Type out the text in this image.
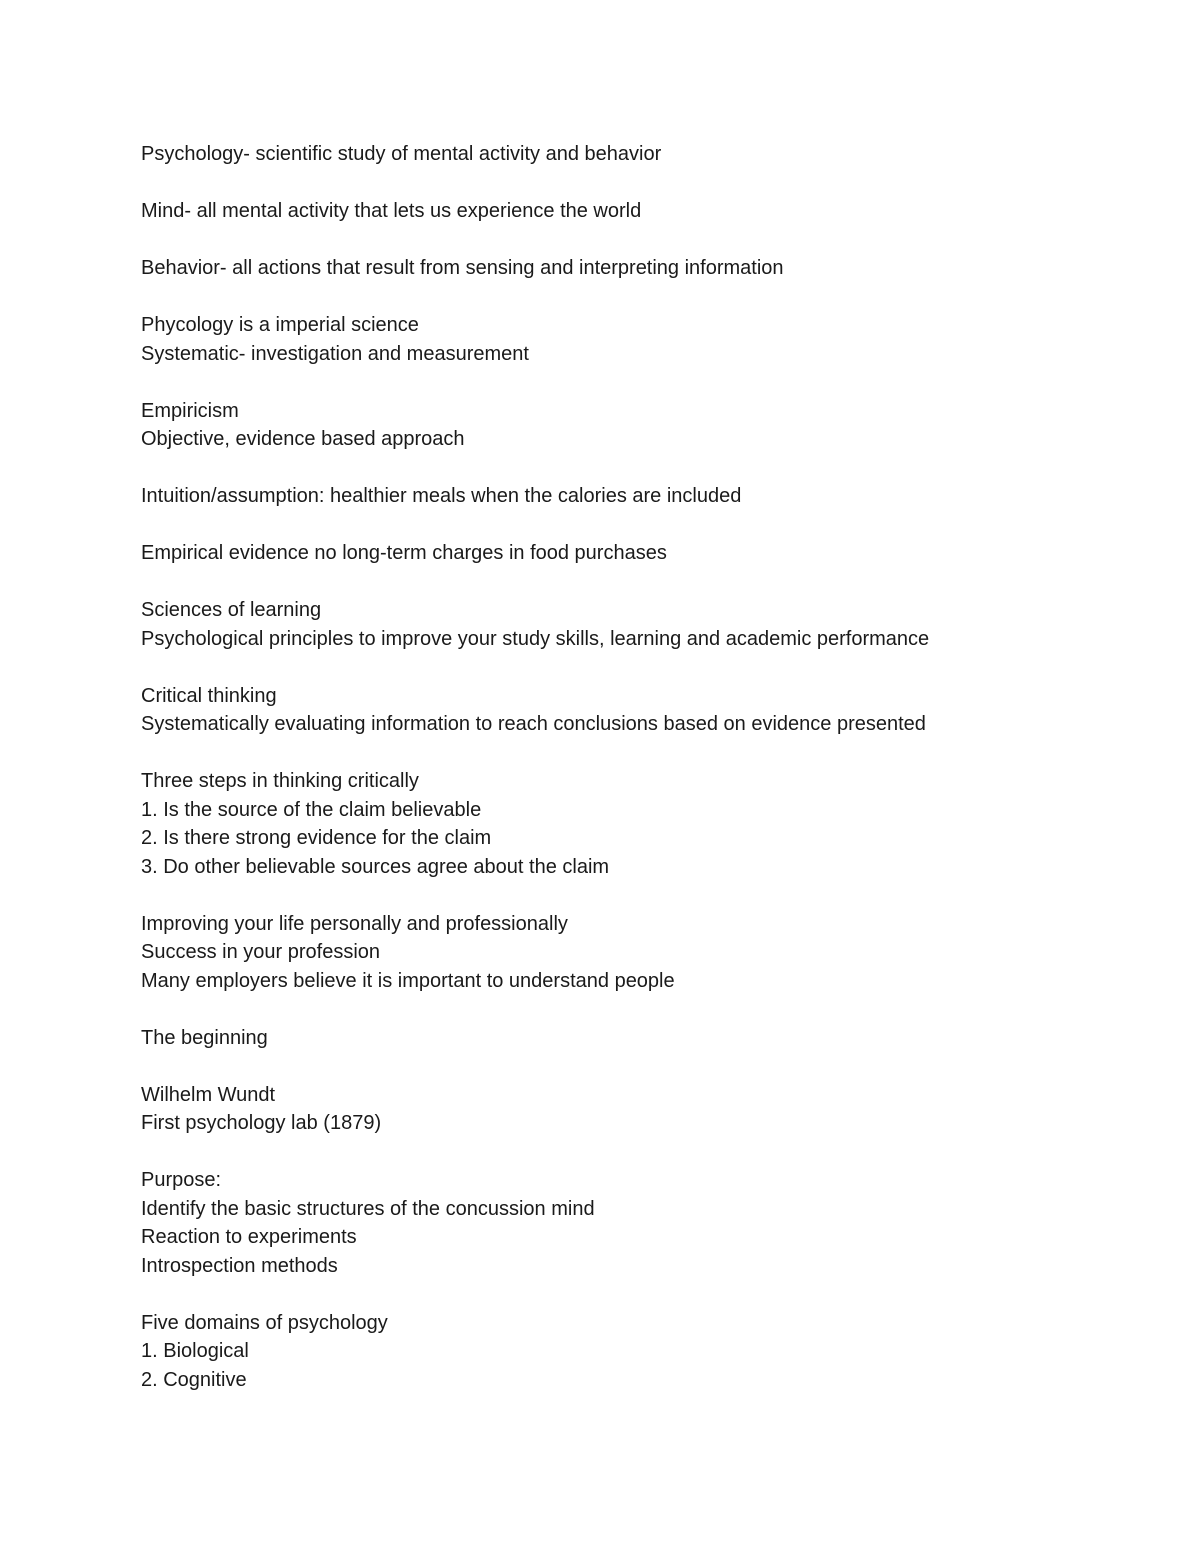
Psychology- scientific study of mental activity and behavior
Mind- all mental activity that lets us experience the world
Behavior- all actions that result from sensing and interpreting information
Phycology is a imperial science
Systematic- investigation and measurement
Empiricism
Objective, evidence based approach
Intuition/assumption: healthier meals when the calories are included
Empirical evidence no long-term charges in food purchases
Sciences of learning
Psychological principles to improve your study skills, learning and academic performance
Critical thinking
Systematically evaluating information to reach conclusions based on evidence presented
Three steps in thinking critically
1. Is the source of the claim believable
2. Is there strong evidence for the claim
3. Do other believable sources agree about the claim
Improving your life personally and professionally
Success in your profession
Many employers believe it is important to understand people
The beginning
Wilhelm Wundt
First psychology lab (1879)
Purpose:
Identify the basic structures of the concussion mind
Reaction to experiments
Introspection methods
Five domains of psychology
1. Biological
2. Cognitive
